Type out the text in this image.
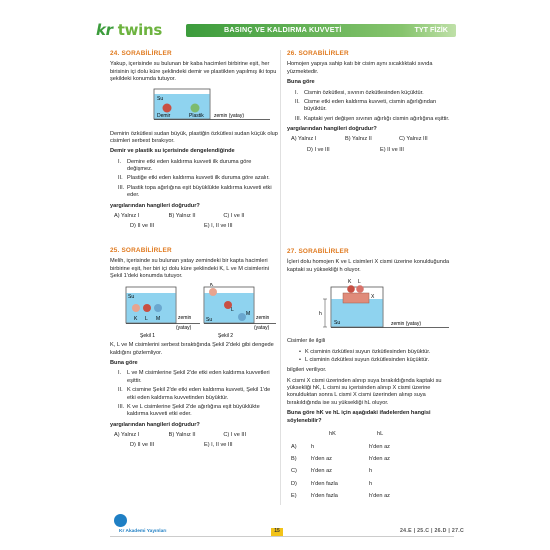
kr twins	BASINÇ VE KALDIRMA KUVVETİ	TYT FİZİK
24. SORABİLİRLER

Yakup, içerisinde su bulunan bir kaba hacimleri birbirine eşit, her birisinin içi dolu küre şeklindeki demir ve plastikten yapılmış iki topu şekildeki konumda tutuyor.

Su
Demir	Plastik zemin (yatay)

Demirin özkütlesi sudan büyük, plastiğin özkütlesi sudan küçük olup cisimleri serbest bırakıyor.

Demir ve plastik su içerisinde dengelendiğinde

I. Demire etki eden kaldırma kuvveti ilk duruma göre değişmez.
II. Plastiğe etki eden kaldırma kuvveti ilk duruma göre azalır.
III. Plastik topa ağırlığına eşit büyüklükte kaldırma kuvveti etki eder.

yargılarından hangileri doğrudur?

A) Yalnız I	B) Yalnız II	C) I ve II
D) II ve III	E) I, II ve III
25. SORABİLİRLER

Melih, içerisinde su bulunan yatay zemindeki bir kapta hacimleri birbirine eşit, her biri içi dolu küre şeklindeki K, L ve M cisimlerini Şekil 1'deki konumda tutuyor.

Su
K L M	zemin
(yatay)
Şekil 1
K
L
M
Su	zemin
(yatay)
Şekil 2

K, L ve M cisimlerini serbest bıraktığında Şekil 2'deki gibi dengede kaldığını gözlemliyor.

Buna göre

I. L ve M cisimlerine Şekil 2'de etki eden kaldırma kuvvetleri eşittir.
II. K cismine Şekil 2'de etki eden kaldırma kuvveti, Şekil 1'de etki eden kaldırma kuvvetinden büyüktür.
III. K ve L cisimlerine Şekil 2'de ağırlığına eşit büyüklükte kaldırma kuvveti etki eder.

yargılarından hangileri doğrudur?

A) Yalnız I	B) Yalnız II	C) I ve III
D) II ve III	E) I, II ve III
26. SORABİLİRLER

Homojen yapıya sahip katı bir cisim aynı sıcaklıktaki sıvıda yüzmektedir.

Buna göre

I. Cismin özkütlesi, sıvının özkütlesinden küçüktür.
II. Cisme etki eden kaldırma kuvveti, cismin ağırlığından büyüktür.
III. Kaptaki yeri değişen sıvının ağırlığı cismin ağırlığına eşittir.

yargılarından hangileri doğrudur?

A) Yalnız I	B) Yalnız II	C) Yalnız III
D) I ve III	E) II ve III
27. SORABİLİRLER

İçleri dolu homojen K ve L cisimleri X cismi üzerine konulduğunda kaptaki su yüksekliği h oluyor.

K L
X
h
Su	zemin (yatay)

Cisimler ile ilgili

• K cisminin özkütlesi suyun özkütlesinden büyüktür.
• L cisminin özkütlesi suyun özkütlesinden küçüktür.

bilgileri veriliyor.

K cismi X cismi üzerinden alınıp suya bırakıldığında kaptaki su yüksekliği hK, L cismi su içerisinden alınıp X cismi üzerine konulduktan sonra L cismi X cismi üzerinden alınıp suya bırakıldığında ise su yüksekliği hL oluyor.

Buna göre hK ve hL için aşağıdaki ifadelerden hangisi söylenebilir?

hK	hL
A)	h	h'den az
B)	h'den az	h'den az
C)	h'den az	h
D)	h'den fazla	h
E)	h'den fazla	h'den az
Kr Akademi Yayınları	15	24.E | 25.C | 26.D | 27.C
